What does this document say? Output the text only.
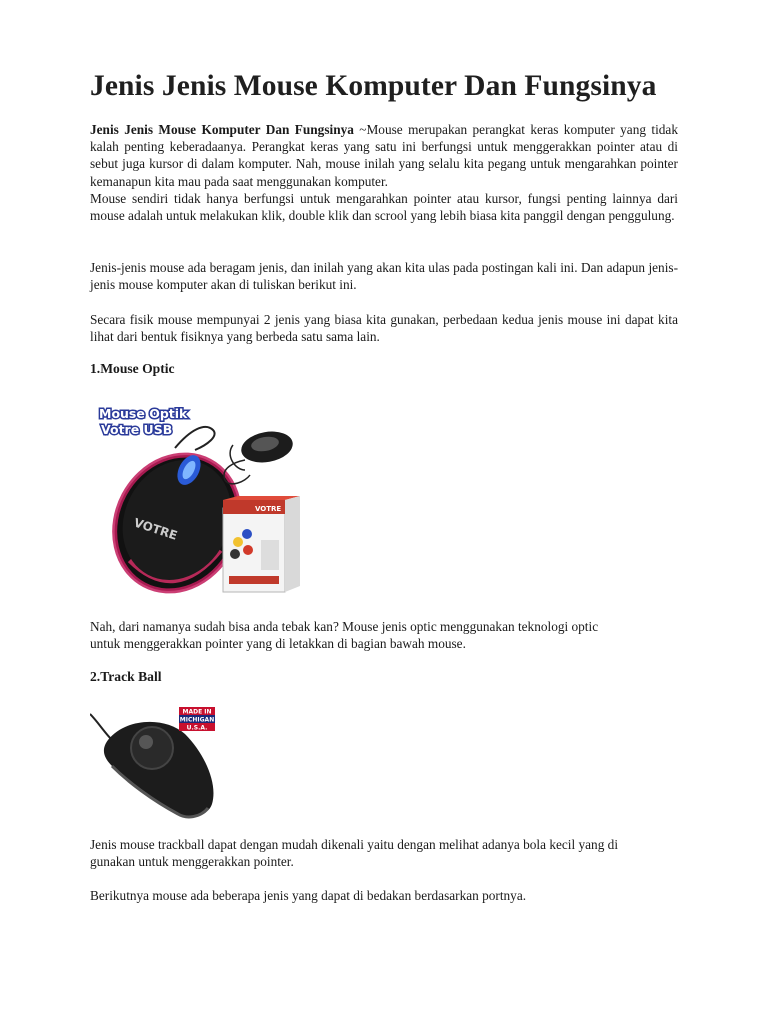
Jenis Jenis Mouse Komputer Dan Fungsinya

Jenis Jenis Mouse Komputer Dan Fungsinya ~Mouse merupakan perangkat keras komputer yang tidak kalah penting keberadaanya. Perangkat keras yang satu ini berfungsi untuk menggerakkan pointer atau di sebut juga kursor di dalam komputer. Nah, mouse inilah yang selalu kita pegang untuk mengarahkan pointer kemanapun kita mau pada saat menggunakan komputer.
Mouse sendiri tidak hanya berfungsi untuk mengarahkan pointer atau kursor, fungsi penting lainnya dari mouse adalah untuk melakukan klik, double klik dan scrool yang lebih biasa kita panggil dengan penggulung.

Jenis-jenis mouse ada beragam jenis, dan inilah yang akan kita ulas pada postingan kali ini. Dan adapun jenis-jenis mouse komputer akan di tuliskan berikut ini.

Secara fisik mouse mempunyai 2 jenis yang biasa kita gunakan, perbedaan kedua jenis mouse ini dapat kita lihat dari bentuk fisiknya yang berbeda satu sama lain.

1.Mouse Optic
Mouse Optik
Votre USB
VOTRE
VOTRE

Nah, dari namanya sudah bisa anda tebak kan? Mouse jenis optic menggunakan teknologi optic
untuk menggerakkan pointer yang di letakkan di bagian bawah mouse.

2.Track Ball
MADE IN
MICHIGAN
U.S.A.

Jenis mouse trackball dapat dengan mudah dikenali yaitu dengan melihat adanya bola kecil yang di
gunakan untuk menggerakkan pointer.

Berikutnya mouse ada beberapa jenis yang dapat di bedakan berdasarkan portnya.
